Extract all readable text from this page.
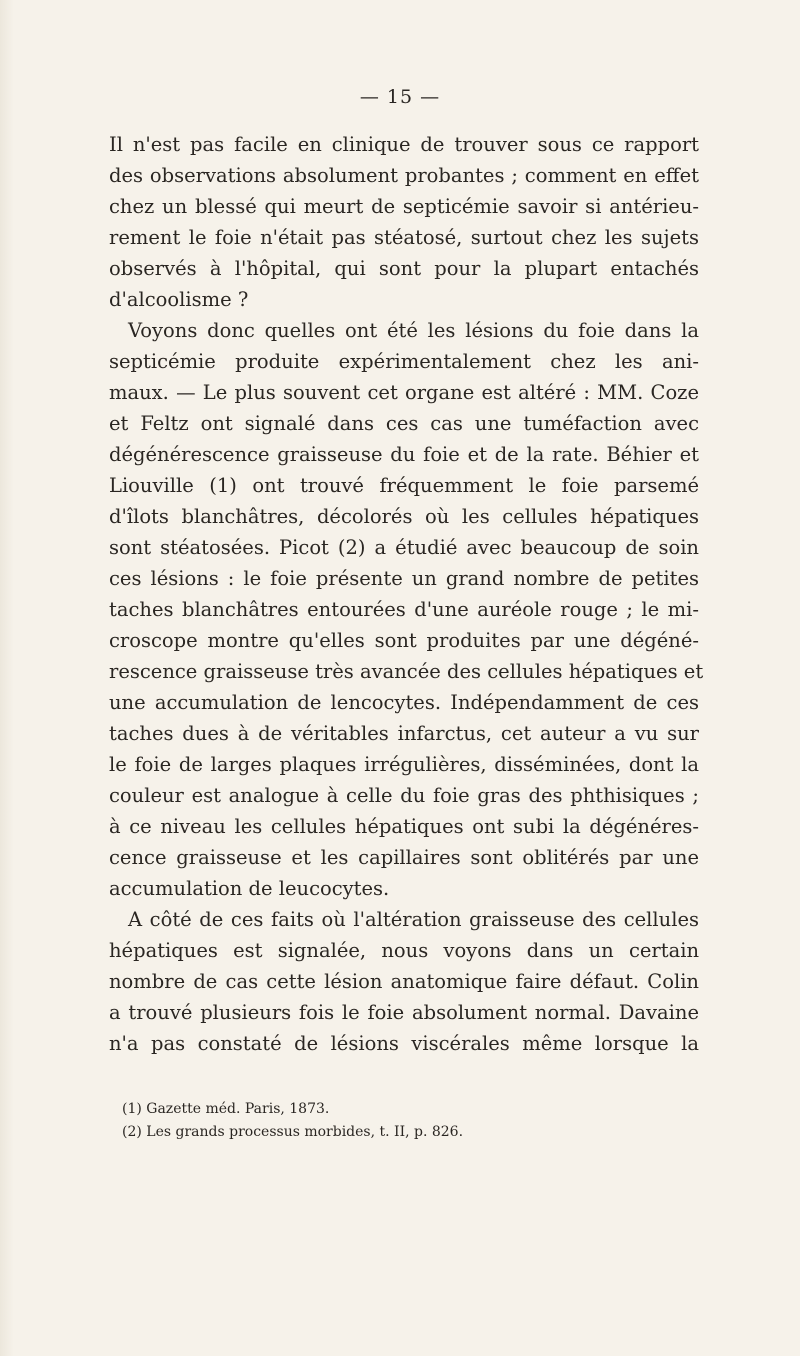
— 15 —
Il n'est pas facile en clinique de trouver sous ce rapport
des observations absolument probantes ; comment en effet
chez un blessé qui meurt de septicémie savoir si antérieu-
rement le foie n'était pas stéatosé, surtout chez les sujets
observés à l'hôpital, qui sont pour la plupart entachés
d'alcoolisme ?
Voyons donc quelles ont été les lésions du foie dans la
septicémie produite expérimentalement chez les ani-
maux. — Le plus souvent cet organe est altéré : MM. Coze
et Feltz ont signalé dans ces cas une tuméfaction avec
dégénérescence graisseuse du foie et de la rate. Béhier et
Liouville (1) ont trouvé fréquemment le foie parsemé
d'îlots blanchâtres, décolorés où les cellules hépatiques
sont stéatosées. Picot (2) a étudié avec beaucoup de soin
ces lésions : le foie présente un grand nombre de petites
taches blanchâtres entourées d'une auréole rouge ; le mi-
croscope montre qu'elles sont produites par une dégéné-
rescence graisseuse très avancée des cellules hépatiques et
une accumulation de lencocytes. Indépendamment de ces
taches dues à de véritables infarctus, cet auteur a vu sur
le foie de larges plaques irrégulières, disséminées, dont la
couleur est analogue à celle du foie gras des phthisiques ;
à ce niveau les cellules hépatiques ont subi la dégénéres-
cence graisseuse et les capillaires sont oblitérés par une
accumulation de leucocytes.
A côté de ces faits où l'altération graisseuse des cellules
hépatiques est signalée, nous voyons dans un certain
nombre de cas cette lésion anatomique faire défaut. Colin
a trouvé plusieurs fois le foie absolument normal. Davaine
n'a pas constaté de lésions viscérales même lorsque la
(1) Gazette méd. Paris, 1873.
(2) Les grands processus morbides, t. II, p. 826.
